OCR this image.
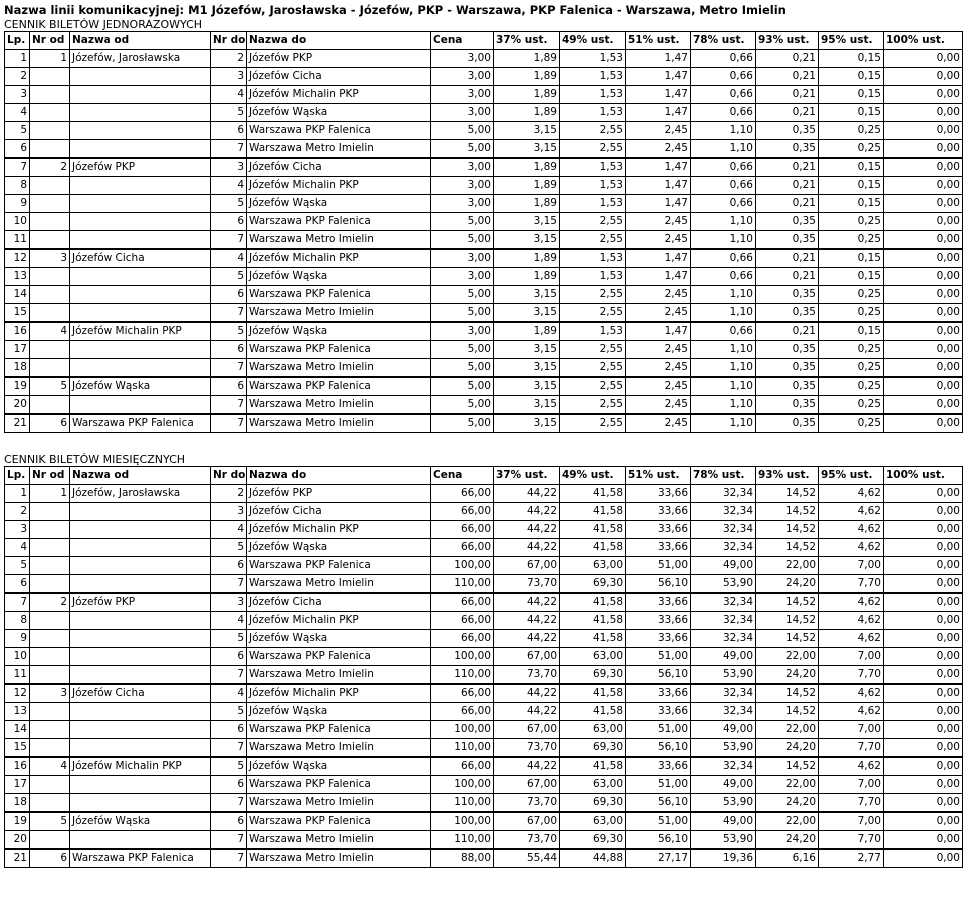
Nazwa linii komunikacyjnej: M1 Józefów, Jarosławska - Józefów, PKP - Warszawa, PKP Falenica - Warszawa, Metro Imielin
CENNIK BILETÓW JEDNORAZOWYCH
Lp.	Nr od	Nazwa od	Nr do	Nazwa do	Cena	37% ust.	49% ust.	51% ust.	78% ust.	93% ust.	95% ust.	100% ust.
1	1	Józefów, Jarosławska	2	Józefów PKP	3,00	1,89	1,53	1,47	0,66	0,21	0,15	0,00
2			3	Józefów Cicha	3,00	1,89	1,53	1,47	0,66	0,21	0,15	0,00
3			4	Józefów Michalin PKP	3,00	1,89	1,53	1,47	0,66	0,21	0,15	0,00
4			5	Józefów Wąska	3,00	1,89	1,53	1,47	0,66	0,21	0,15	0,00
5			6	Warszawa PKP Falenica	5,00	3,15	2,55	2,45	1,10	0,35	0,25	0,00
6			7	Warszawa Metro Imielin	5,00	3,15	2,55	2,45	1,10	0,35	0,25	0,00
7	2	Józefów PKP	3	Józefów Cicha	3,00	1,89	1,53	1,47	0,66	0,21	0,15	0,00
8			4	Józefów Michalin PKP	3,00	1,89	1,53	1,47	0,66	0,21	0,15	0,00
9			5	Józefów Wąska	3,00	1,89	1,53	1,47	0,66	0,21	0,15	0,00
10			6	Warszawa PKP Falenica	5,00	3,15	2,55	2,45	1,10	0,35	0,25	0,00
11			7	Warszawa Metro Imielin	5,00	3,15	2,55	2,45	1,10	0,35	0,25	0,00
12	3	Józefów Cicha	4	Józefów Michalin PKP	3,00	1,89	1,53	1,47	0,66	0,21	0,15	0,00
13			5	Józefów Wąska	3,00	1,89	1,53	1,47	0,66	0,21	0,15	0,00
14			6	Warszawa PKP Falenica	5,00	3,15	2,55	2,45	1,10	0,35	0,25	0,00
15			7	Warszawa Metro Imielin	5,00	3,15	2,55	2,45	1,10	0,35	0,25	0,00
16	4	Józefów Michalin PKP	5	Józefów Wąska	3,00	1,89	1,53	1,47	0,66	0,21	0,15	0,00
17			6	Warszawa PKP Falenica	5,00	3,15	2,55	2,45	1,10	0,35	0,25	0,00
18			7	Warszawa Metro Imielin	5,00	3,15	2,55	2,45	1,10	0,35	0,25	0,00
19	5	Józefów Wąska	6	Warszawa PKP Falenica	5,00	3,15	2,55	2,45	1,10	0,35	0,25	0,00
20			7	Warszawa Metro Imielin	5,00	3,15	2,55	2,45	1,10	0,35	0,25	0,00
21	6	Warszawa PKP Falenica	7	Warszawa Metro Imielin	5,00	3,15	2,55	2,45	1,10	0,35	0,25	0,00
CENNIK BILETÓW MIESIĘCZNYCH
Lp.	Nr od	Nazwa od	Nr do	Nazwa do	Cena	37% ust.	49% ust.	51% ust.	78% ust.	93% ust.	95% ust.	100% ust.
1	1	Józefów, Jarosławska	2	Józefów PKP	66,00	44,22	41,58	33,66	32,34	14,52	4,62	0,00
2			3	Józefów Cicha	66,00	44,22	41,58	33,66	32,34	14,52	4,62	0,00
3			4	Józefów Michalin PKP	66,00	44,22	41,58	33,66	32,34	14,52	4,62	0,00
4			5	Józefów Wąska	66,00	44,22	41,58	33,66	32,34	14,52	4,62	0,00
5			6	Warszawa PKP Falenica	100,00	67,00	63,00	51,00	49,00	22,00	7,00	0,00
6			7	Warszawa Metro Imielin	110,00	73,70	69,30	56,10	53,90	24,20	7,70	0,00
7	2	Józefów PKP	3	Józefów Cicha	66,00	44,22	41,58	33,66	32,34	14,52	4,62	0,00
8			4	Józefów Michalin PKP	66,00	44,22	41,58	33,66	32,34	14,52	4,62	0,00
9			5	Józefów Wąska	66,00	44,22	41,58	33,66	32,34	14,52	4,62	0,00
10			6	Warszawa PKP Falenica	100,00	67,00	63,00	51,00	49,00	22,00	7,00	0,00
11			7	Warszawa Metro Imielin	110,00	73,70	69,30	56,10	53,90	24,20	7,70	0,00
12	3	Józefów Cicha	4	Józefów Michalin PKP	66,00	44,22	41,58	33,66	32,34	14,52	4,62	0,00
13			5	Józefów Wąska	66,00	44,22	41,58	33,66	32,34	14,52	4,62	0,00
14			6	Warszawa PKP Falenica	100,00	67,00	63,00	51,00	49,00	22,00	7,00	0,00
15			7	Warszawa Metro Imielin	110,00	73,70	69,30	56,10	53,90	24,20	7,70	0,00
16	4	Józefów Michalin PKP	5	Józefów Wąska	66,00	44,22	41,58	33,66	32,34	14,52	4,62	0,00
17			6	Warszawa PKP Falenica	100,00	67,00	63,00	51,00	49,00	22,00	7,00	0,00
18			7	Warszawa Metro Imielin	110,00	73,70	69,30	56,10	53,90	24,20	7,70	0,00
19	5	Józefów Wąska	6	Warszawa PKP Falenica	100,00	67,00	63,00	51,00	49,00	22,00	7,00	0,00
20			7	Warszawa Metro Imielin	110,00	73,70	69,30	56,10	53,90	24,20	7,70	0,00
21	6	Warszawa PKP Falenica	7	Warszawa Metro Imielin	88,00	55,44	44,88	27,17	19,36	6,16	2,77	0,00
